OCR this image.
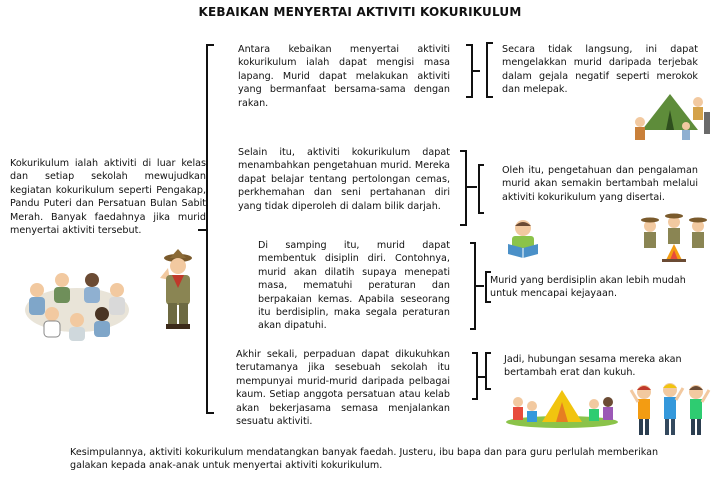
KEBAIKAN MENYERTAI AKTIVITI KOKURIKULUM
Kokurikulum ialah aktiviti di luar kelas dan setiap sekolah mewujudkan kegiatan kokurikulum seperti Pengakap, Pandu Puteri dan Persatuan Bulan Sabit Merah. Banyak faedahnya jika murid menyertai aktiviti tersebut.
Antara kebaikan menyertai aktiviti kokurikulum ialah dapat mengisi masa lapang. Murid dapat melakukan aktiviti yang bermanfaat bersama-sama dengan rakan.
Secara tidak langsung, ini dapat mengelakkan murid daripada terjebak dalam gejala negatif seperti merokok dan melepak.
Selain itu, aktiviti kokurikulum dapat menambahkan pengetahuan murid. Mereka dapat belajar tentang pertolongan cemas, perkhemahan dan seni pertahanan diri yang tidak diperoleh di dalam bilik darjah.
Oleh itu, pengetahuan dan pengalaman murid akan semakin bertambah melalui aktiviti kokurikulum yang disertai.
Di samping itu, murid dapat membentuk disiplin diri. Contohnya, murid akan dilatih supaya menepati masa, mematuhi peraturan dan berpakaian kemas. Apabila seseorang itu berdisiplin, maka segala peraturan akan dipatuhi.
Murid yang berdisiplin akan lebih mudah untuk mencapai kejayaan.
Akhir sekali, perpaduan dapat dikukuhkan terutamanya jika sesebuah sekolah itu mempunyai murid-murid daripada pelbagai kaum. Setiap anggota persatuan atau kelab akan bekerjasama semasa menjalankan sesuatu aktiviti.
Jadi, hubungan sesama mereka akan bertambah erat dan kukuh.
Kesimpulannya, aktiviti kokurikulum mendatangkan banyak faedah. Justeru, ibu bapa dan para guru perlulah memberikan galakan kepada anak-anak untuk menyertai aktiviti kokurikulum.
